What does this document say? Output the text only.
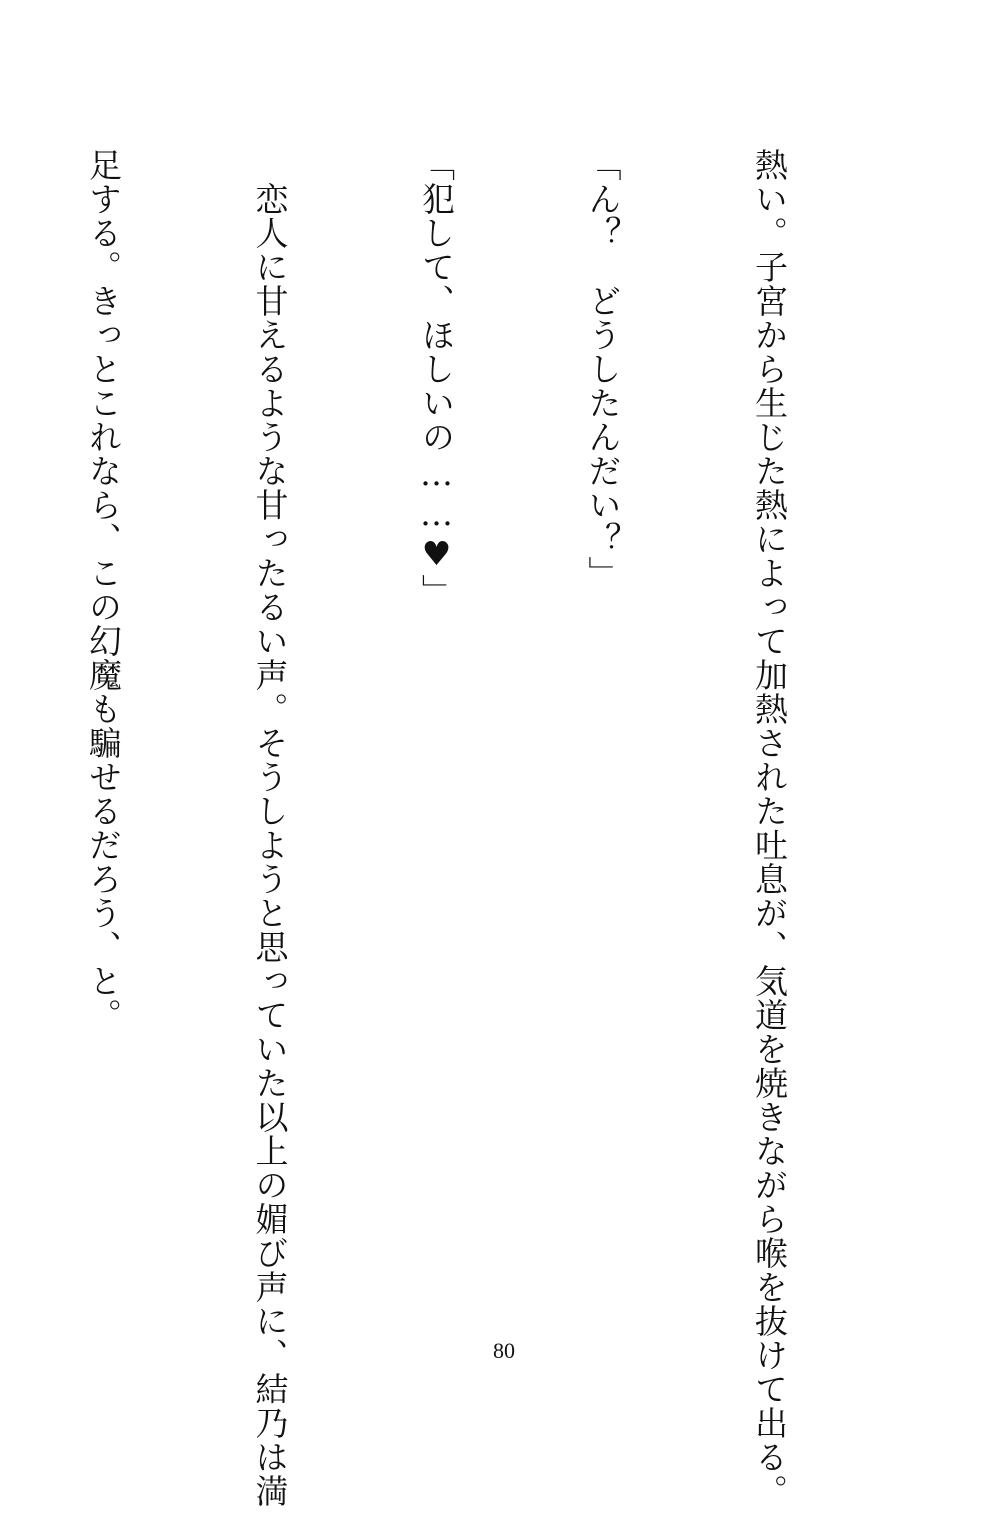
熱い。子宮から生じた熱によって加熱された吐息が、気道を焼きながら喉を抜けて出る。

「ん？　どうしたんだい？」

「犯して、ほしいの……♥」

　恋人に甘えるような甘ったるい声。そうしようと思っていた以上の媚び声に、結乃は満

足する。きっとこれなら、この幻魔も騙せるだろう、と。

80
